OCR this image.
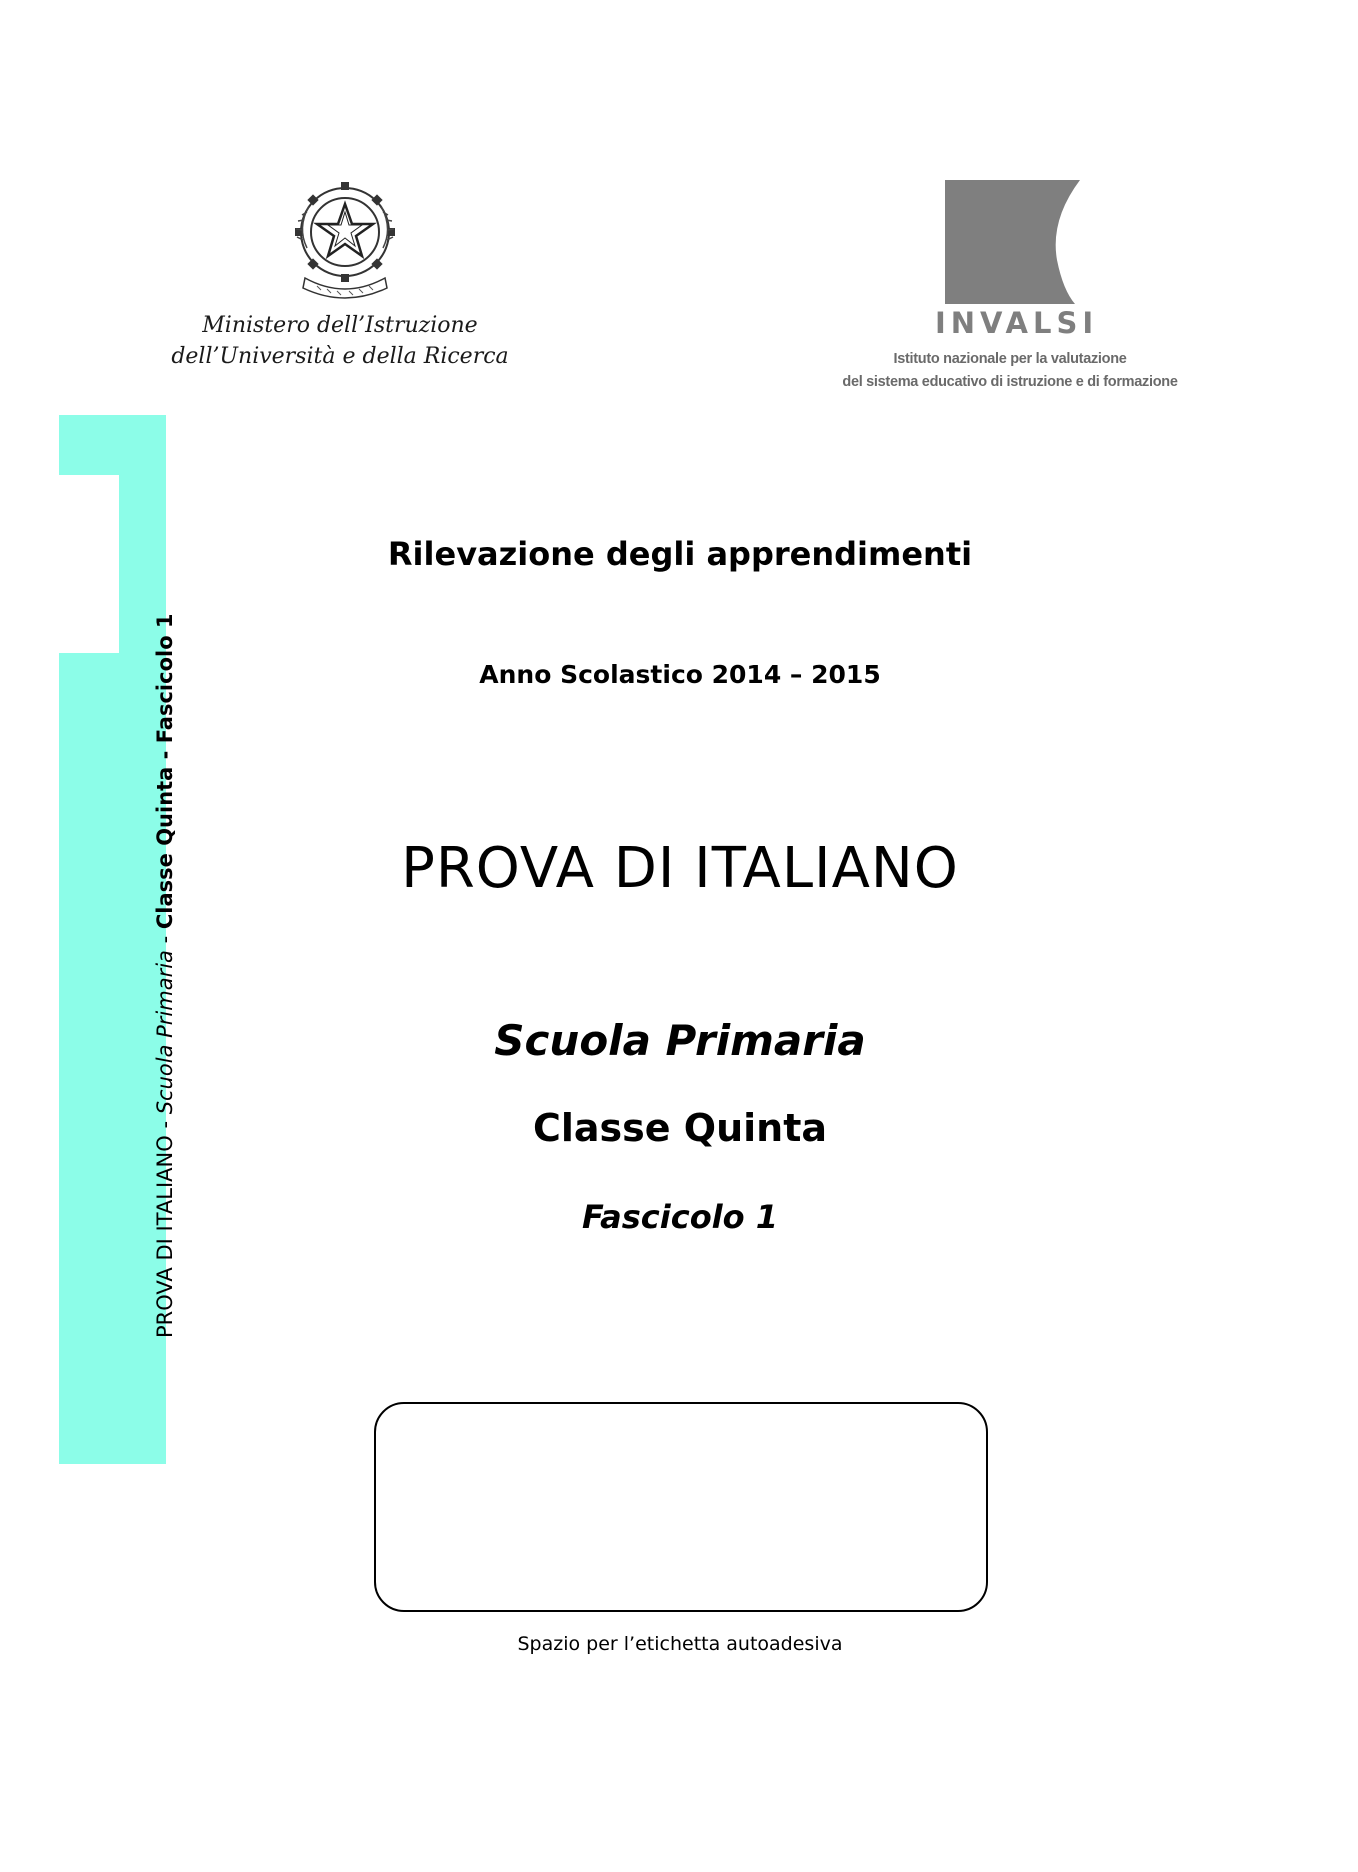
Ministero dell’Istruzione
dell’Università e della Ricerca
INVALSI
Istituto nazionale per la valutazione
del sistema educativo di istruzione e di formazione
PROVA DI ITALIANO - Scuola Primaria - Classe Quinta - Fascicolo 1
Rilevazione degli apprendimenti
Anno Scolastico 2014 – 2015
PROVA DI ITALIANO
Scuola Primaria
Classe Quinta
Fascicolo 1
Spazio per l’etichetta autoadesiva
